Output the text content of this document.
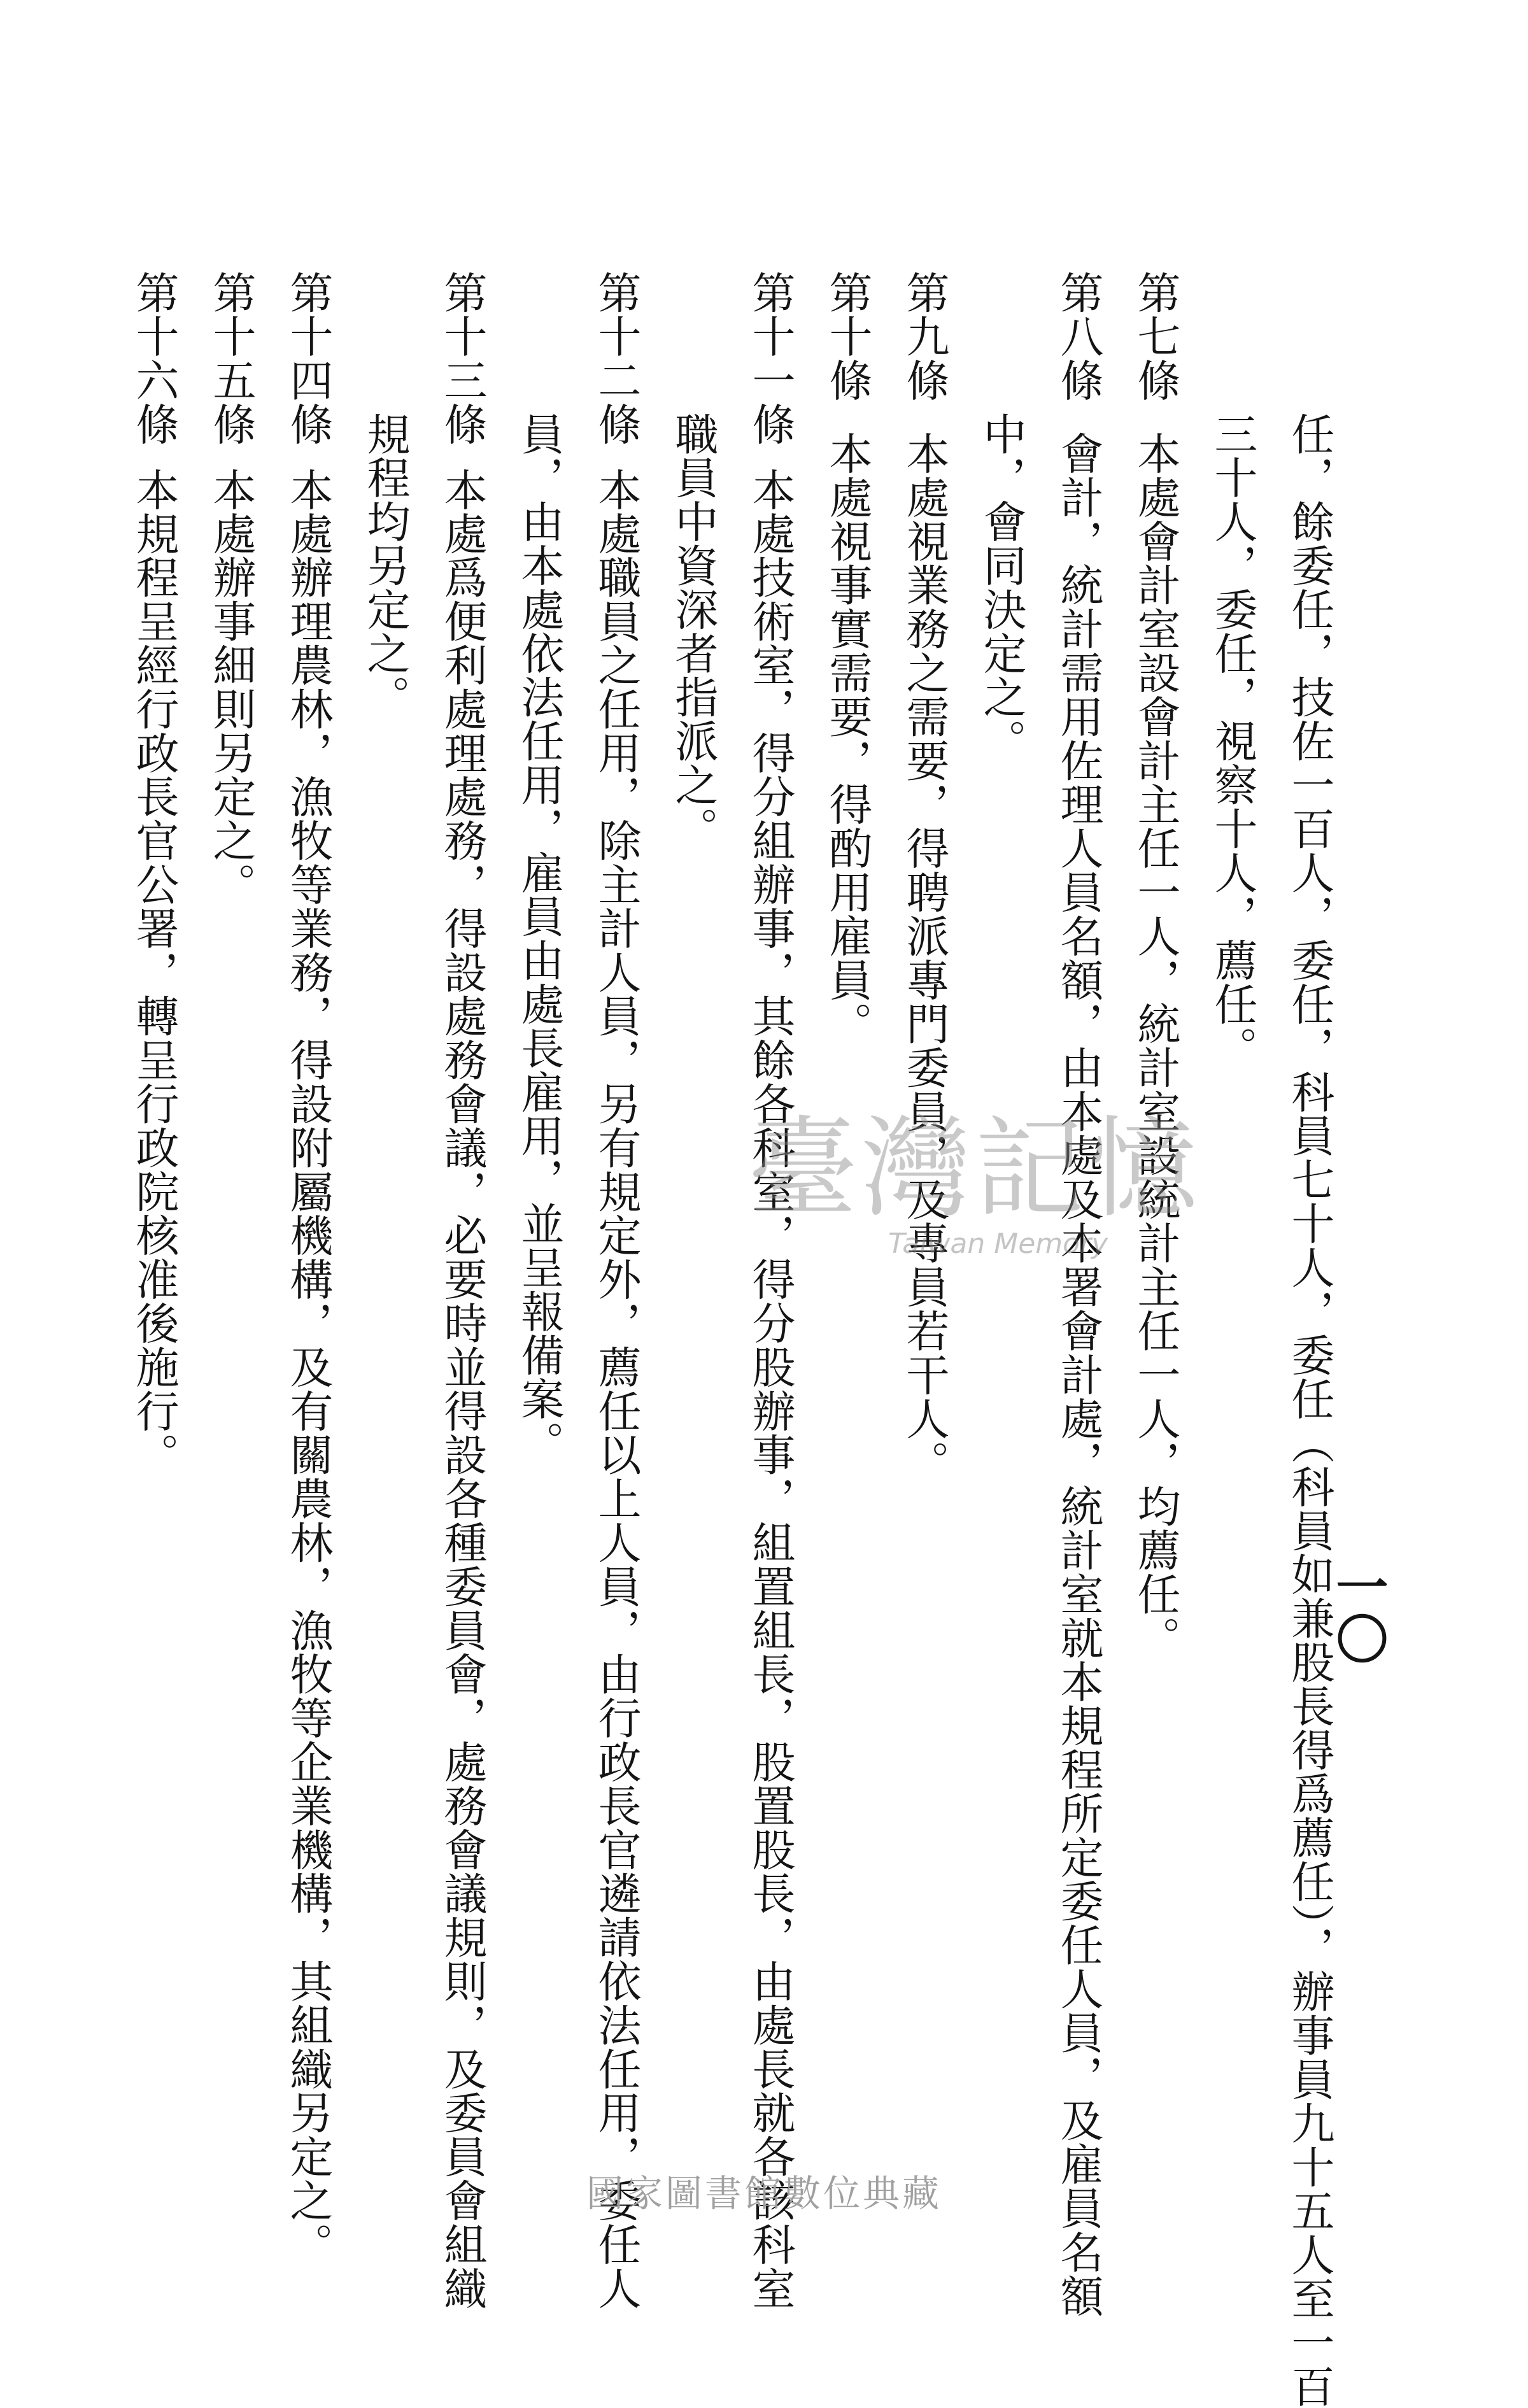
一〇
任，餘委任，技佐一百人，委任，科員七十人，委任（科員如兼股長得爲薦任），辦事員九十五人至一百
三十人，委任，視察十人，薦任。
第七條本處會計室設會計主任一人，統計室設統計主任一人，均薦任。
第八條會計，統計需用佐理人員名額，由本處及本署會計處，統計室就本規程所定委任人員，及雇員名額
中，會同決定之。
第九條本處視業務之需要，得聘派專門委員，及專員若干人。
第十條本處視事實需要，得酌用雇員。
第十一條本處技術室，得分組辦事，其餘各科室，得分股辦事，組置組長，股置股長，由處長就各該科室
職員中資深者指派之。
第十二條本處職員之任用，除主計人員，另有規定外，薦任以上人員，由行政長官遴請依法任用，委任人
員，由本處依法任用，雇員由處長雇用，並呈報備案。
第十三條本處爲便利處理處務，得設處務會議，必要時並得設各種委員會，處務會議規則，及委員會組織
規程均另定之。
第十四條本處辦理農林，漁牧等業務，得設附屬機構，及有關農林，漁牧等企業機構，其組織另定之。
第十五條本處辦事細則另定之。
第十六條本規程呈經行政長官公署，轉呈行政院核准後施行。	臺灣記憶
Taiwan Memory
國家圖書館數位典藏
